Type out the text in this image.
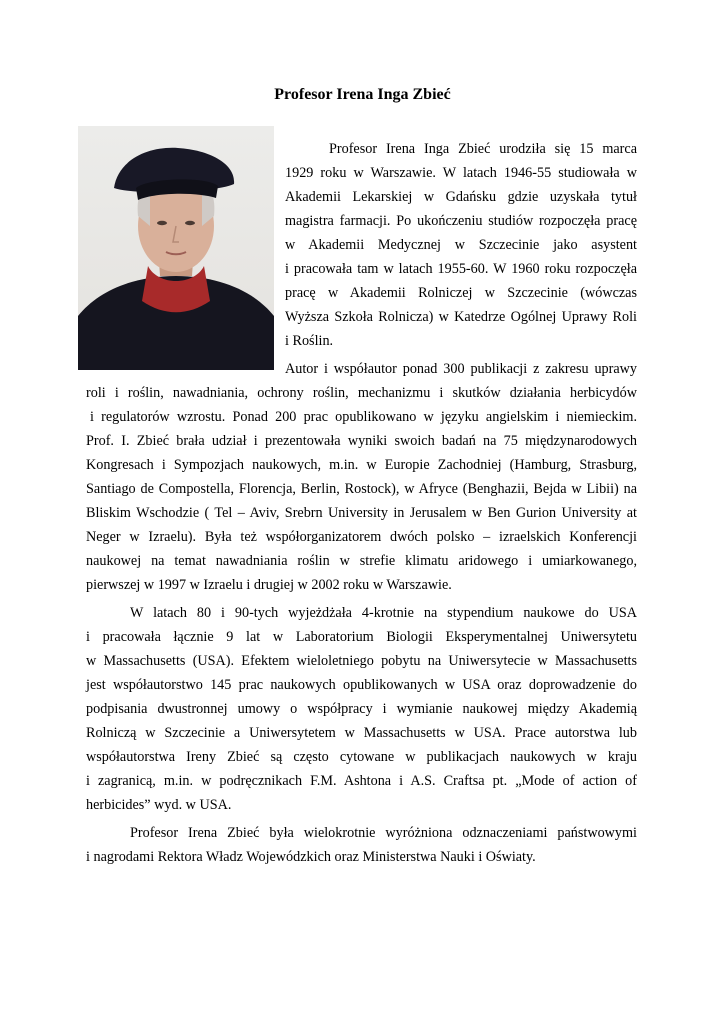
Profesor Irena Inga Zbieć
Profesor Irena Inga Zbieć urodziła się 15 marca
1929 roku w Warszawie. W latach 1946-55 studiowała w
Akademii Lekarskiej w Gdańsku gdzie uzyskała tytuł
magistra farmacji. Po ukończeniu studiów rozpoczęła pracę
w Akademii Medycznej w Szczecinie jako asystent
i pracowała tam w latach 1955-60. W 1960 roku rozpoczęła
pracę w Akademii Rolniczej w Szczecinie (wówczas
Wyższa Szkoła Rolnicza) w Katedrze Ogólnej Uprawy Roli
i Roślin.
Autor i współautor ponad 300 publikacji z zakresu uprawy
roli i roślin, nawadniania, ochrony roślin, mechanizmu i skutków działania herbicydów
i regulatorów wzrostu. Ponad 200 prac opublikowano w języku angielskim i niemieckim.
Prof. I. Zbieć brała udział i prezentowała wyniki swoich badań na 75 międzynarodowych
Kongresach i Sympozjach naukowych, m.in. w Europie Zachodniej (Hamburg, Strasburg,
Santiago de Compostella, Florencja, Berlin, Rostock), w Afryce (Benghazii, Bejda w Libii) na
Bliskim Wschodzie ( Tel – Aviv, Srebrn University in Jerusalem w Ben Gurion University at
Neger w Izraelu). Była też współorganizatorem dwóch polsko – izraelskich Konferencji
naukowej na temat nawadniania roślin w strefie klimatu aridowego i umiarkowanego,
pierwszej w 1997 w Izraelu i drugiej w 2002 roku w Warszawie.
W latach 80 i 90-tych wyjeżdżała 4-krotnie na stypendium naukowe do USA
i pracowała łącznie 9 lat w Laboratorium Biologii Eksperymentalnej Uniwersytetu
w Massachusetts (USA). Efektem wieloletniego pobytu na Uniwersytecie w Massachusetts
jest współautorstwo 145 prac naukowych opublikowanych w USA oraz doprowadzenie do
podpisania dwustronnej umowy o współpracy i wymianie naukowej między Akademią
Rolniczą w Szczecinie a Uniwersytetem w Massachusetts w USA. Prace autorstwa lub
współautorstwa Ireny Zbieć są często cytowane w publikacjach naukowych w kraju
i zagranicą, m.in. w podręcznikach F.M. Ashtona i A.S. Craftsa pt. „Mode of action of
herbicides” wyd. w USA.
Profesor Irena Zbieć była wielokrotnie wyróżniona odznaczeniami państwowymi
i nagrodami Rektora Władz Wojewódzkich oraz Ministerstwa Nauki i Oświaty.
